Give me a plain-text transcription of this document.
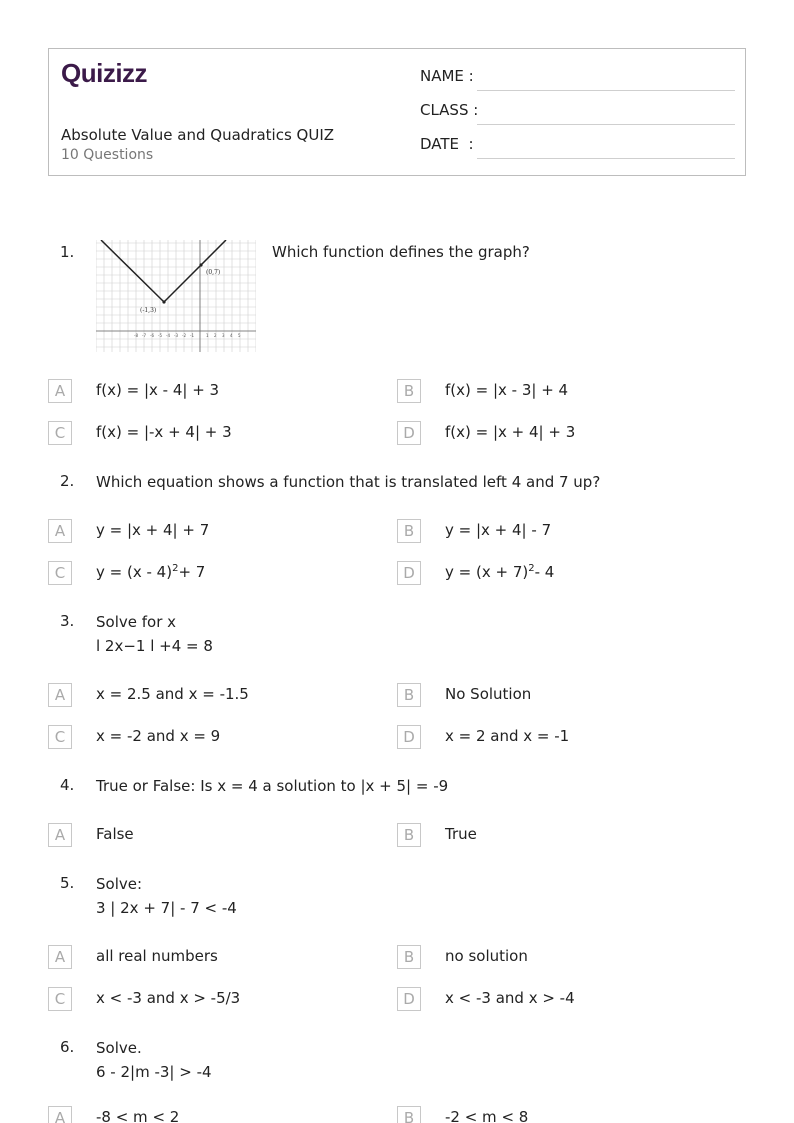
Quizizz
Absolute Value and Quadratics QUIZ
10 Questions
NAME :
CLASS :
DATE  :
-8 -7 -6 -5 -4 -3 -2 -1	1 2 3 4 5
(-1,3)
(0,7)
1.	Which function defines the graph?
A	f(x) = |x - 4| + 3	B	f(x) = |x - 3| + 4
C	f(x) = |-x + 4| + 3	D	f(x) = |x + 4| + 3
2. Which equation shows a function that is translated left 4 and 7 up?
A	y = |x + 4| + 7	B	y = |x + 4| - 7
C	y = (x - 4)$^2$+ 7	D	$y = (x + 7)^2-$ 4
3. Solve for x
l 2x−1 l +4 = 8
A	x = 2.5 and x = -1.5	B	No Solution
C	x = -2 and x = 9	D	x = 2 and x = -1
4. True or False: Is x = 4 a solution to |x + 5| = -9
A	False	B	True
5. Solve:
3 | 2x + 7| - 7 < -4
A	all real numbers	B	no solution
C	x < -3 and x > -5/3	D	x < -3 and x > -4
6. Solve.
6 - 2|m -3| > -4
A	-8 < m < 2	B	-2 < m < 8
